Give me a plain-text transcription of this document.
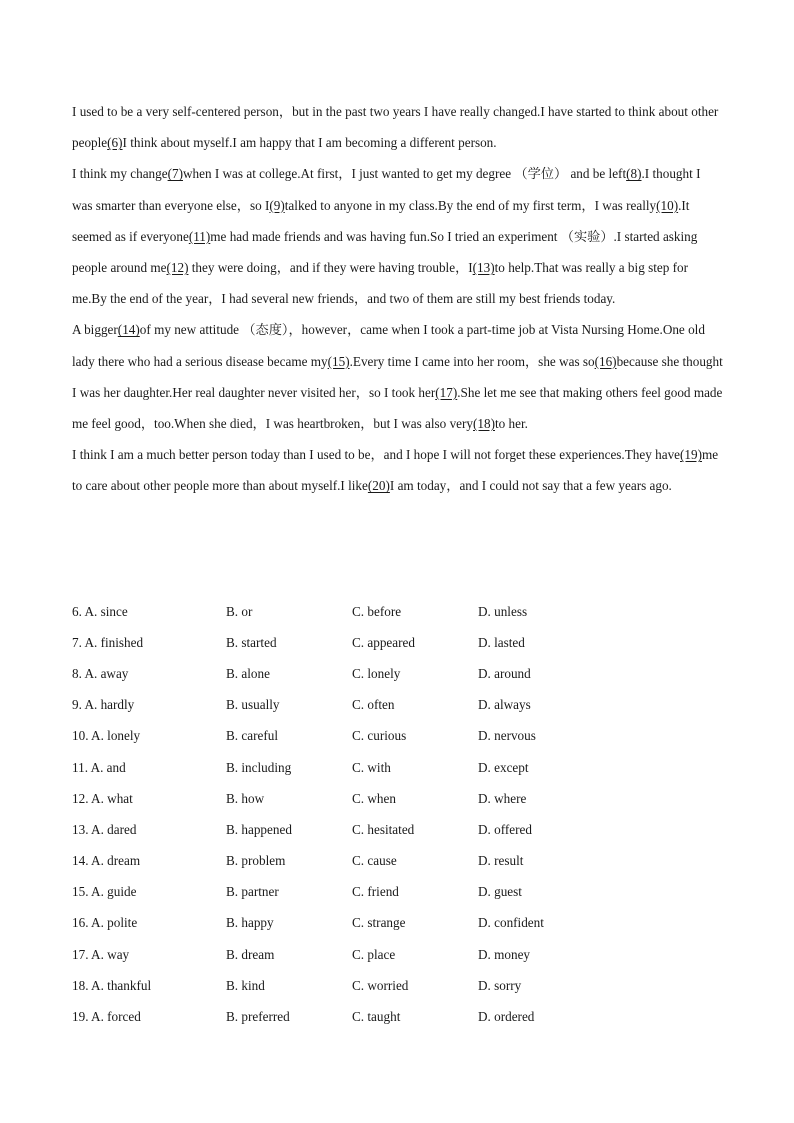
I used to be a very self-centered person，but in the past two years I have really changed.I have started to think about other people(6)I think about myself.I am happy that I am becoming a different person.

I think my change(7)when I was at college.At first，I just wanted to get my degree （学位） and be left(8).I thought I was smarter than everyone else，so I(9)talked to anyone in my class.By the end of my first term，I was really(10).It seemed as if everyone(11)me had made friends and was having fun.So I tried an experiment （实验）.I started asking people around me(12) they were doing，and if they were having trouble，I(13)to help.That was really a big step for me.By the end of the year，I had several new friends，and two of them are still my best friends today.

A bigger(14)of my new attitude （态度），however，came when I took a part-time job at Vista Nursing Home.One old lady there who had a serious disease became my(15).Every time I came into her room，she was so(16)because she thought I was her daughter.Her real daughter never visited her，so I took her(17).She let me see that making others feel good made me feel good，too.When she died，I was heartbroken，but I was also very(18)to her.

I think I am a much better person today than I used to be，and I hope I will not forget these experiences.They have(19)me to care about other people more than about myself.I like(20)I am today，and I could not say that a few years ago.

6. A. since	B. or	C. before	D. unless
7. A. finished	B. started	C. appeared	D. lasted
8. A. away	B. alone	C. lonely	D. around
9. A. hardly	B. usually	C. often	D. always
10. A. lonely	B. careful	C. curious	D. nervous
11. A. and	B. including	C. with	D. except
12. A. what	B. how	C. when	D. where
13. A. dared	B. happened	C. hesitated	D. offered
14. A. dream	B. problem	C. cause	D. result
15. A. guide	B. partner	C. friend	D. guest
16. A. polite	B. happy	C. strange	D. confident
17. A. way	B. dream	C. place	D. money
18. A. thankful	B. kind	C. worried	D. sorry
19. A. forced	B. preferred	C. taught	D. ordered
